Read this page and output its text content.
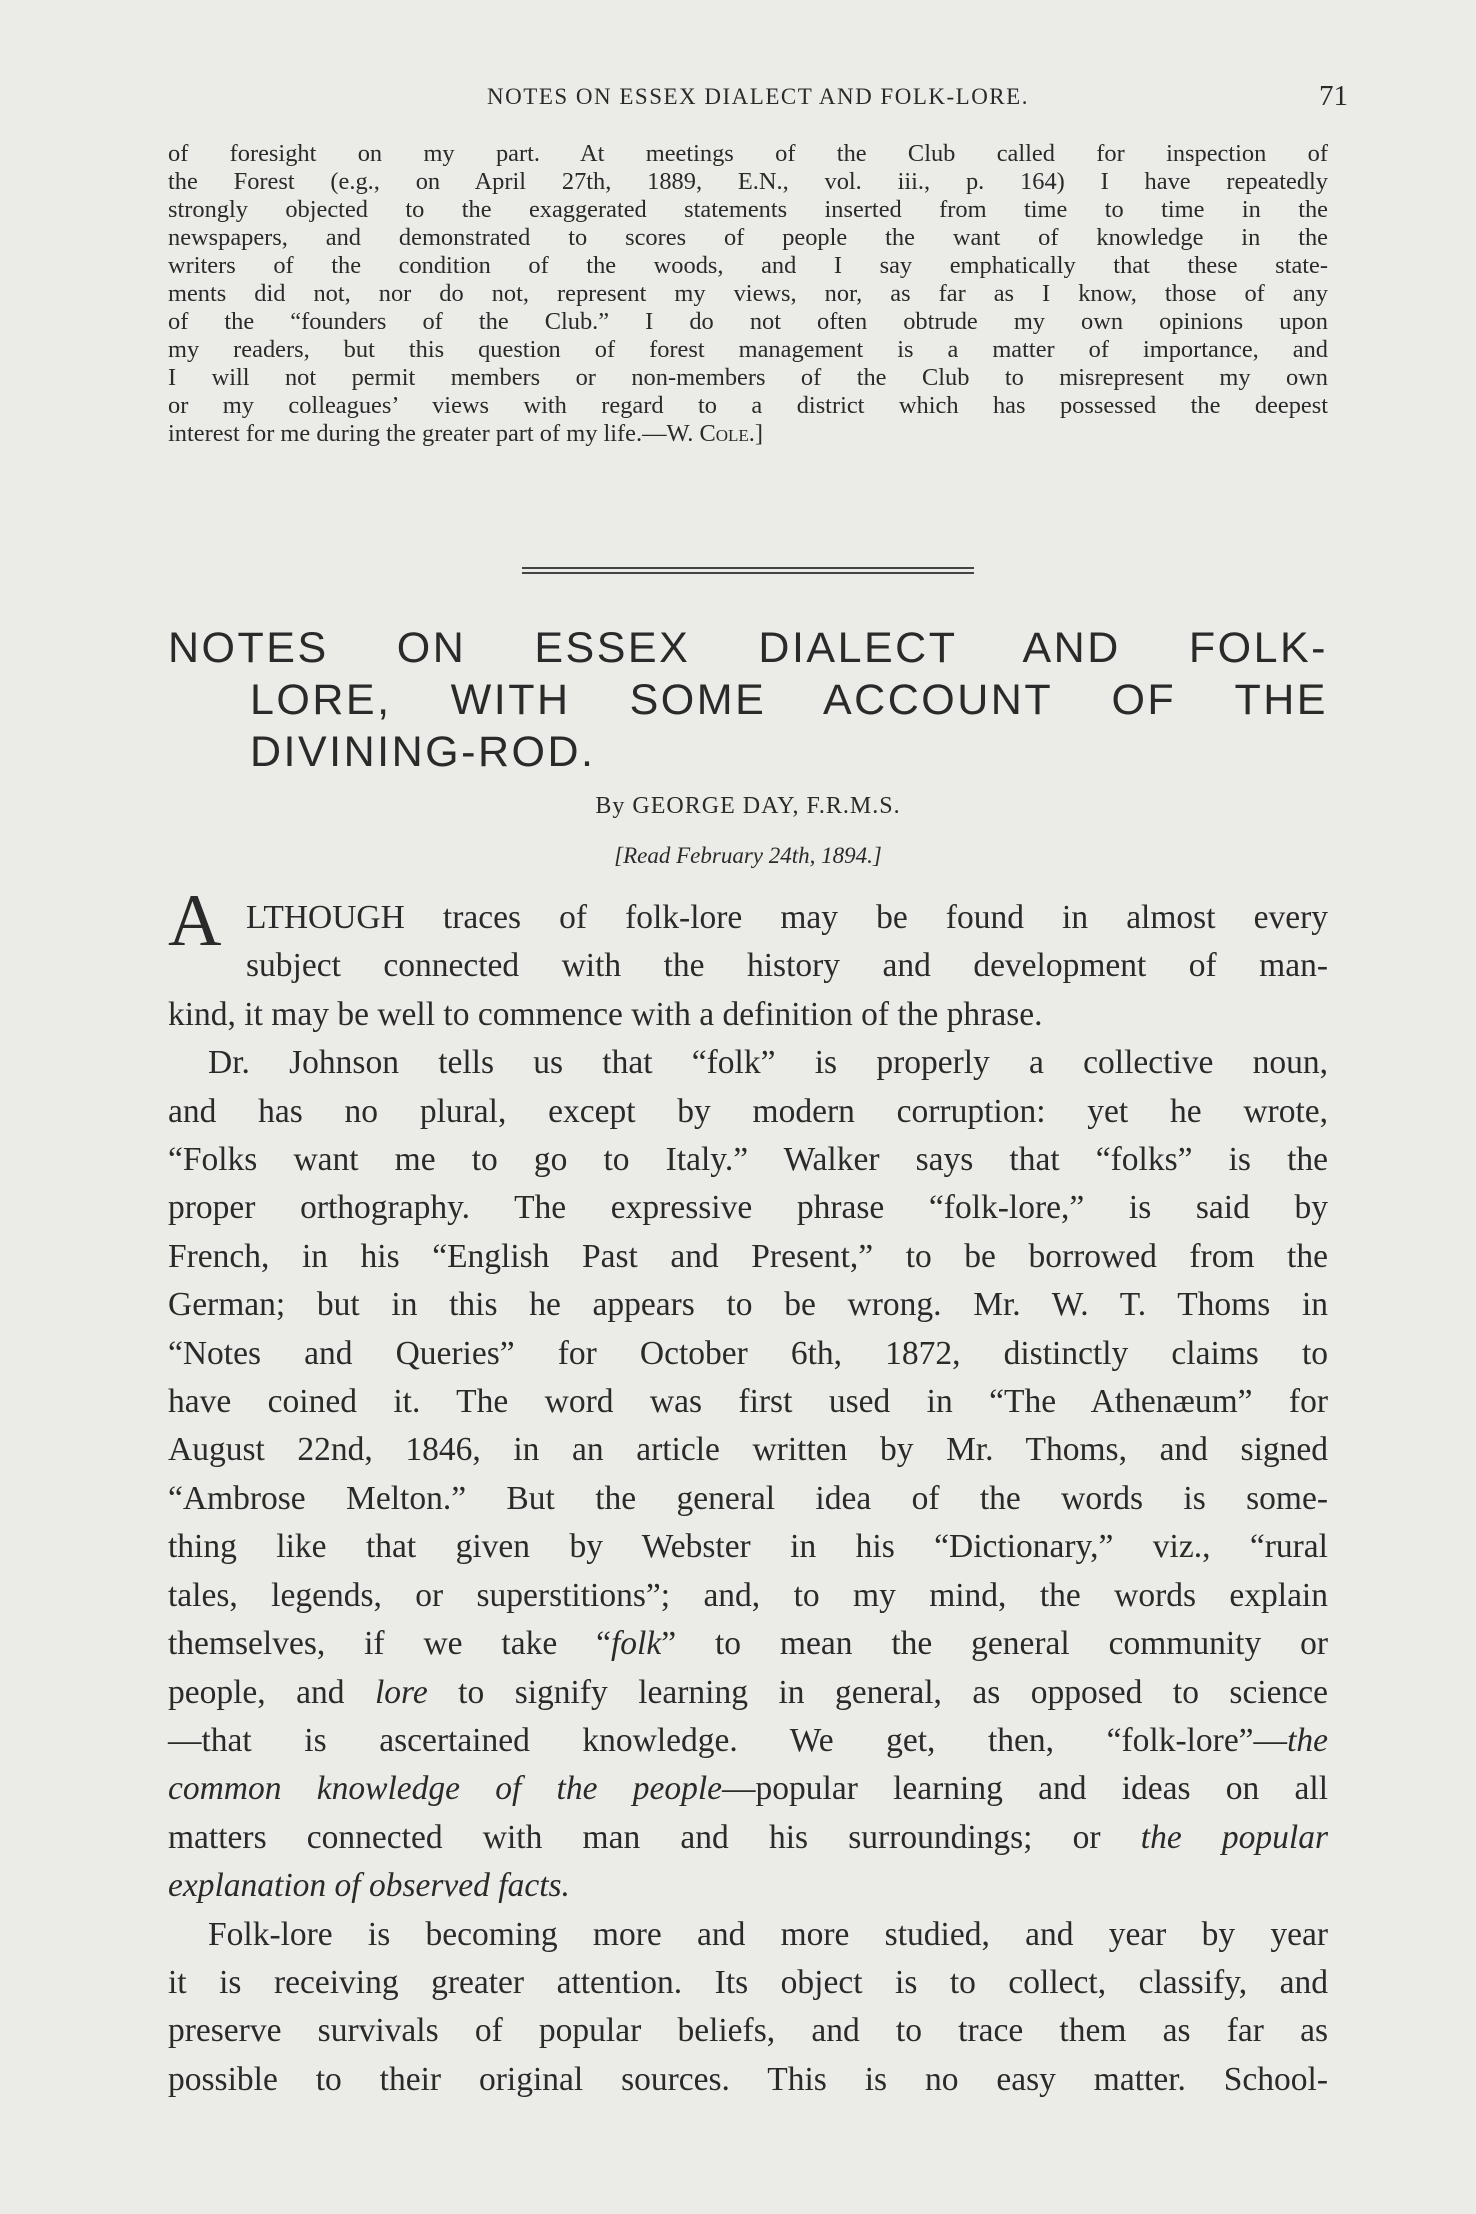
NOTES ON ESSEX DIALECT AND FOLK-LORE.	71

of foresight on my part. At meetings of the Club called for inspection of
the Forest (e.g., on April 27th, 1889, E.N., vol. iii., p. 164) I have repeatedly
strongly objected to the exaggerated statements inserted from time to time in the
newspapers, and demonstrated to scores of people the want of knowledge in the
writers of the condition of the woods, and I say emphatically that these state-
ments did not, nor do not, represent my views, nor, as far as I know, those of any
of the “founders of the Club.” I do not often obtrude my own opinions upon
my readers, but this question of forest management is a matter of importance, and
I will not permit members or non-members of the Club to misrepresent my own
or my colleagues’ views with regard to a district which has possessed the deepest
interest for me during the greater part of my life.—W. Cole.]

NOTES ON ESSEX DIALECT AND FOLK-
LORE, WITH SOME ACCOUNT OF THE
DIVINING-ROD.
By GEORGE DAY, F.R.M.S.
[Read February 24th, 1894.]
A LTHOUGH traces of folk-lore may be found in almost every
subject connected with the history and development of man-
kind, it may be well to commence with a definition of the phrase.
Dr. Johnson tells us that “folk” is properly a collective noun,
and has no plural, except by modern corruption: yet he wrote,
“Folks want me to go to Italy.” Walker says that “folks” is the
proper orthography. The expressive phrase “folk-lore,” is said by
French, in his “English Past and Present,” to be borrowed from the
German; but in this he appears to be wrong. Mr. W. T. Thoms in
“Notes and Queries” for October 6th, 1872, distinctly claims to
have coined it. The word was first used in “The Athenæum” for
August 22nd, 1846, in an article written by Mr. Thoms, and signed
“Ambrose Melton.” But the general idea of the words is some-
thing like that given by Webster in his “Dictionary,” viz., “rural
tales, legends, or superstitions”; and, to my mind, the words explain
themselves, if we take “folk” to mean the general community or
people, and lore to signify learning in general, as opposed to science
—that is ascertained knowledge. We get, then, “folk-lore”—the
common knowledge of the people—popular learning and ideas on all
matters connected with man and his surroundings; or the popular
explanation of observed facts.
Folk-lore is becoming more and more studied, and year by year
it is receiving greater attention. Its object is to collect, classify, and
preserve survivals of popular beliefs, and to trace them as far as
possible to their original sources. This is no easy matter. School-
